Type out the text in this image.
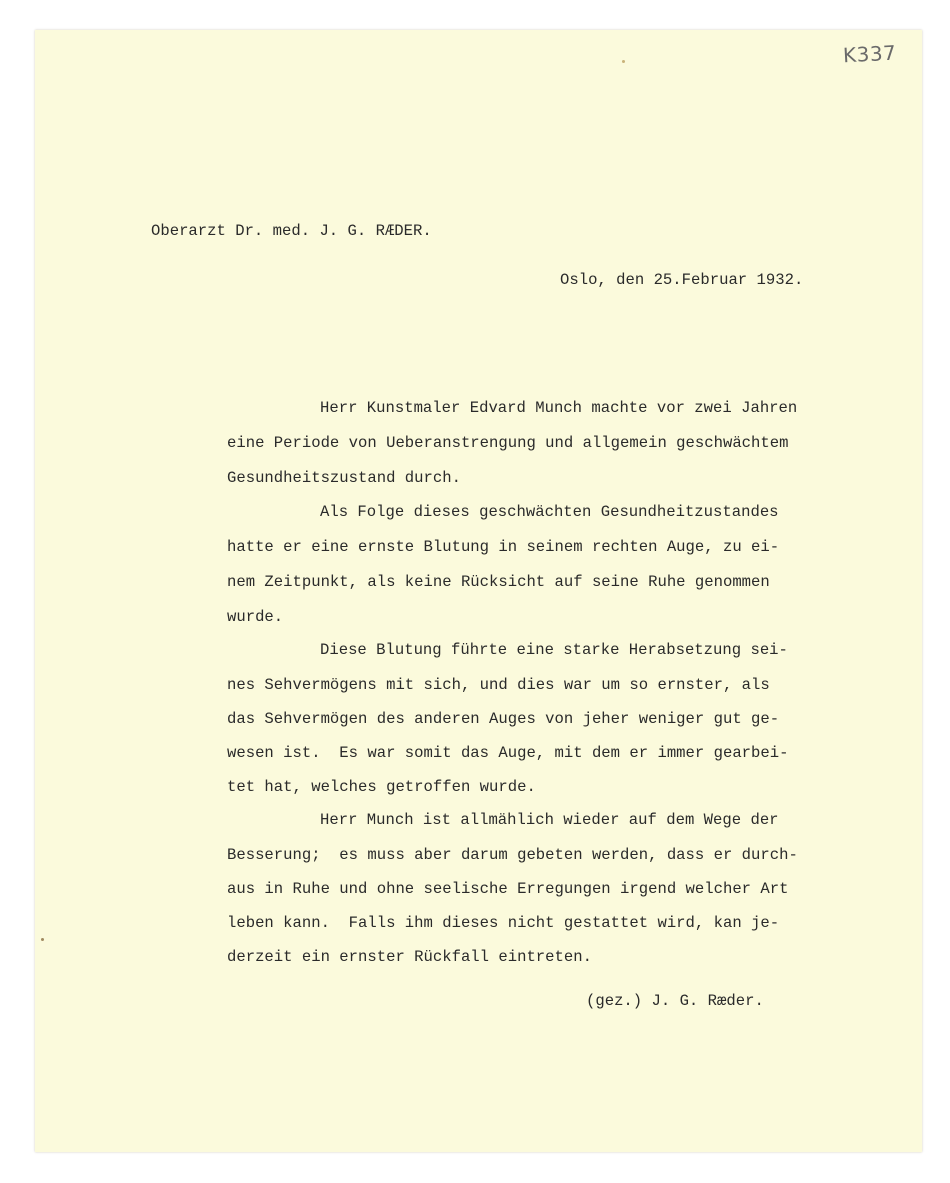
K337
Oberarzt Dr. med. J. G. RÆDER.
Oslo, den 25.Februar 1932.
Herr Kunstmaler Edvard Munch machte vor zwei Jahren
eine Periode von Ueberanstrengung und allgemein geschwächtem
Gesundheitszustand durch.
Als Folge dieses geschwächten Gesundheitzustandes
hatte er eine ernste Blutung in seinem rechten Auge, zu ei-
nem Zeitpunkt, als keine Rücksicht auf seine Ruhe genommen
wurde.
Diese Blutung führte eine starke Herabsetzung sei-
nes Sehvermögens mit sich, und dies war um so ernster, als
das Sehvermögen des anderen Auges von jeher weniger gut ge-
wesen ist.  Es war somit das Auge, mit dem er immer gearbei-
tet hat, welches getroffen wurde.
Herr Munch ist allmählich wieder auf dem Wege der
Besserung;  es muss aber darum gebeten werden, dass er durch-
aus in Ruhe und ohne seelische Erregungen irgend welcher Art
leben kann.  Falls ihm dieses nicht gestattet wird, kan je-
derzeit ein ernster Rückfall eintreten.
(gez.) J. G. Ræder.
